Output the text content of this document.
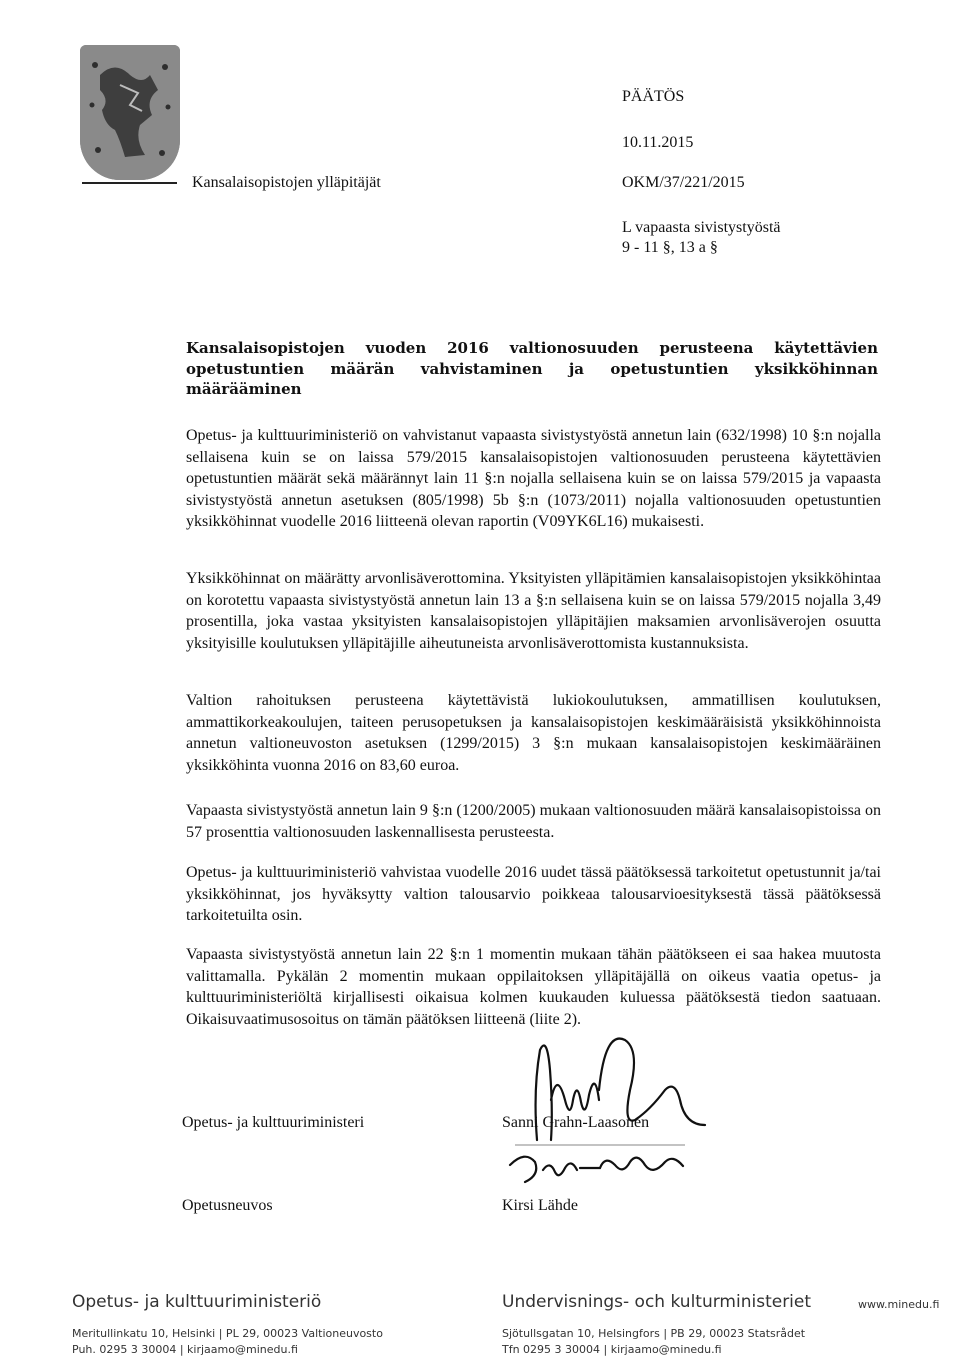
PÄÄTÖS
10.11.2015
Kansalaisopistojen ylläpitäjät	OKM/37/221/2015
L vapaasta sivistystyöstä
9 - 11 §, 13 a §
Kansalaisopistojen vuoden 2016 valtionosuuden perusteena käytettävien
opetustuntien määrän vahvistaminen ja opetustuntien yksikköhinnan
määrääminen
Opetus- ja kulttuuriministeriö on vahvistanut vapaasta sivistystyöstä annetun lain (632/1998) 10 §:n nojalla sellaisena kuin se on laissa 579/2015 kansalaisopistojen valtionosuuden perusteena käytettävien opetustuntien määrät sekä määrännyt lain 11 §:n nojalla sellaisena kuin se on laissa 579/2015 ja vapaasta sivistystyöstä annetun asetuksen (805/1998) 5b §:n (1073/2011) nojalla valtionosuuden opetustuntien yksikköhinnat vuodelle 2016 liitteenä olevan raportin (V09YK6L16) mukaisesti.
Yksikköhinnat on määrätty arvonlisäverottomina. Yksityisten ylläpitämien kansalaisopistojen yksikköhintaa on korotettu vapaasta sivistystyöstä annetun lain 13 a §:n sellaisena kuin se on laissa 579/2015 nojalla 3,49 prosentilla, joka vastaa yksityisten kansalaisopistojen ylläpitäjien maksamien arvonlisäverojen osuutta yksityisille koulutuksen ylläpitäjille aiheutuneista arvonlisäverottomista kustannuksista.
Valtion rahoituksen perusteena käytettävistä lukiokoulutuksen, ammatillisen koulutuksen, ammattikorkeakoulujen, taiteen perusopetuksen ja kansalaisopistojen keskimääräisistä yksikköhinnoista annetun valtioneuvoston asetuksen (1299/2015) 3 §:n mukaan kansalaisopistojen keskimääräinen yksikköhinta vuonna 2016 on 83,60 euroa.
Vapaasta sivistystyöstä annetun lain 9 §:n (1200/2005) mukaan valtionosuuden määrä kansalaisopistoissa on 57 prosenttia valtionosuuden laskennallisesta perusteesta.
Opetus- ja kulttuuriministeriö vahvistaa vuodelle 2016 uudet tässä päätöksessä tarkoitetut opetustunnit ja/tai yksikköhinnat, jos hyväksytty valtion talousarvio poikkeaa talousarvioesityksestä tässä päätöksessä tarkoitetuilta osin.
Vapaasta sivistystyöstä annetun lain 22 §:n 1 momentin mukaan tähän päätökseen ei saa hakea muutosta valittamalla. Pykälän 2 momentin mukaan oppilaitoksen ylläpitäjällä on oikeus vaatia opetus- ja kulttuuriministeriöltä kirjallisesti oikaisua kolmen kuukauden kuluessa päätöksestä tiedon saatuaan. Oikaisuvaatimusosoitus on tämän päätöksen liitteenä (liite 2).
Opetus- ja kulttuuriministeri	Sanni Grahn-Laasonen
Opetusneuvos	Kirsi Lähde
Opetus- ja kulttuuriministeriö	Undervisnings- och kulturministeriet	www.minedu.fi
Meritullinkatu 10, Helsinki | PL 29, 00023 Valtioneuvosto
Puh. 0295 3 30004 | kirjaamo@minedu.fi
Sjötullsgatan 10, Helsingfors | PB 29, 00023 Statsrådet
Tfn 0295 3 30004 | kirjaamo@minedu.fi
